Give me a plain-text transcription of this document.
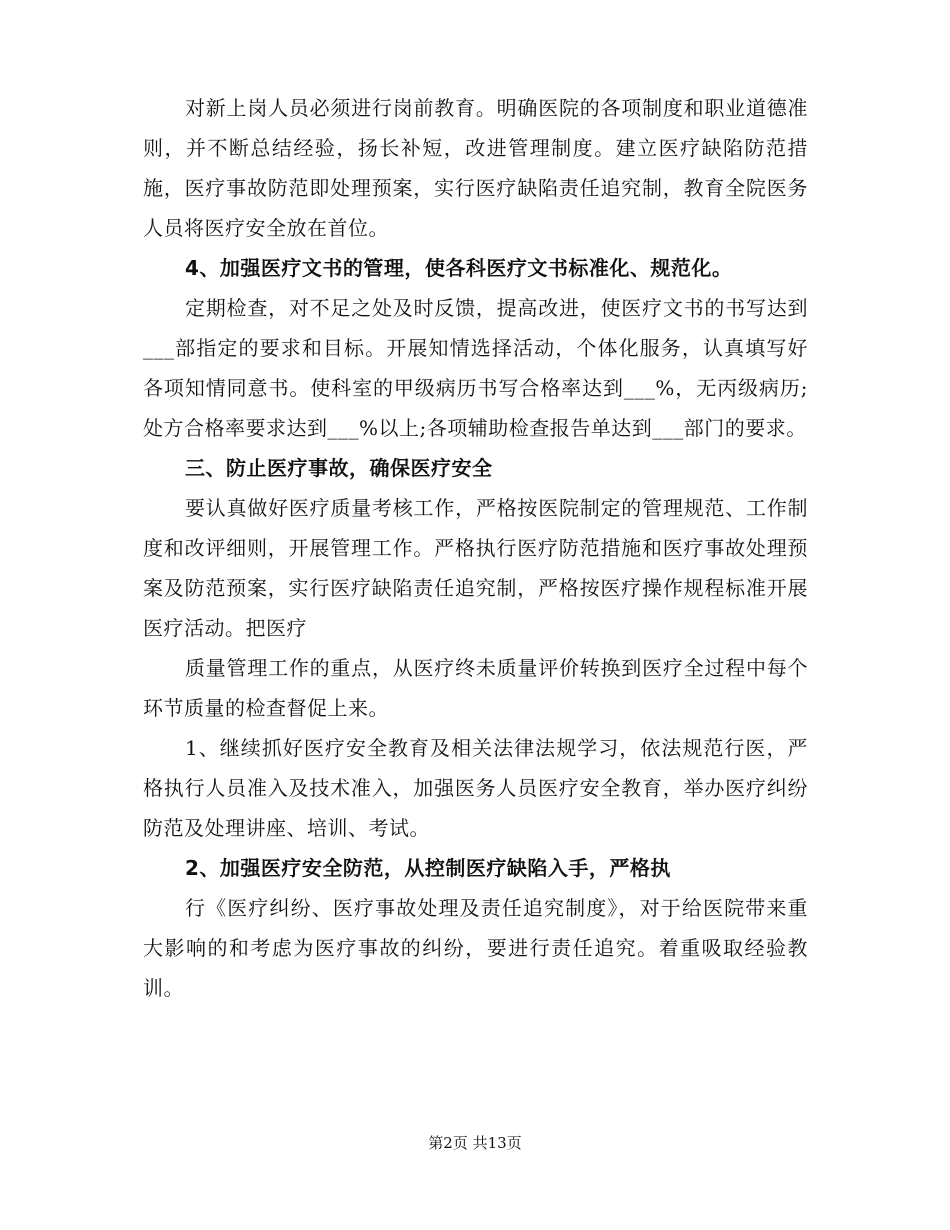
对新上岗人员必须进行岗前教育。明确医院的各项制度和职业道德准则，并不断总结经验，扬长补短，改进管理制度。建立医疗缺陷防范措施，医疗事故防范即处理预案，实行医疗缺陷责任追究制，教育全院医务人员将医疗安全放在首位。

4、加强医疗文书的管理，使各科医疗文书标准化、规范化。

定期检查，对不足之处及时反馈，提高改进，使医疗文书的书写达到___部指定的要求和目标。开展知情选择活动，个体化服务，认真填写好各项知情同意书。使科室的甲级病历书写合格率达到___%，无丙级病历;处方合格率要求达到___%以上;各项辅助检查报告单达到___部门的要求。

三、防止医疗事故，确保医疗安全

要认真做好医疗质量考核工作，严格按医院制定的管理规范、工作制度和改评细则，开展管理工作。严格执行医疗防范措施和医疗事故处理预案及防范预案，实行医疗缺陷责任追究制，严格按医疗操作规程标准开展医疗活动。把医疗

质量管理工作的重点，从医疗终未质量评价转换到医疗全过程中每个环节质量的检查督促上来。

1、继续抓好医疗安全教育及相关法律法规学习，依法规范行医，严格执行人员准入及技术准入，加强医务人员医疗安全教育，举办医疗纠纷防范及处理讲座、培训、考试。

2、加强医疗安全防范，从控制医疗缺陷入手，严格执

行《医疗纠纷、医疗事故处理及责任追究制度》，对于给医院带来重大影响的和考虑为医疗事故的纠纷，要进行责任追究。着重吸取经验教训。

第2页 共13页
